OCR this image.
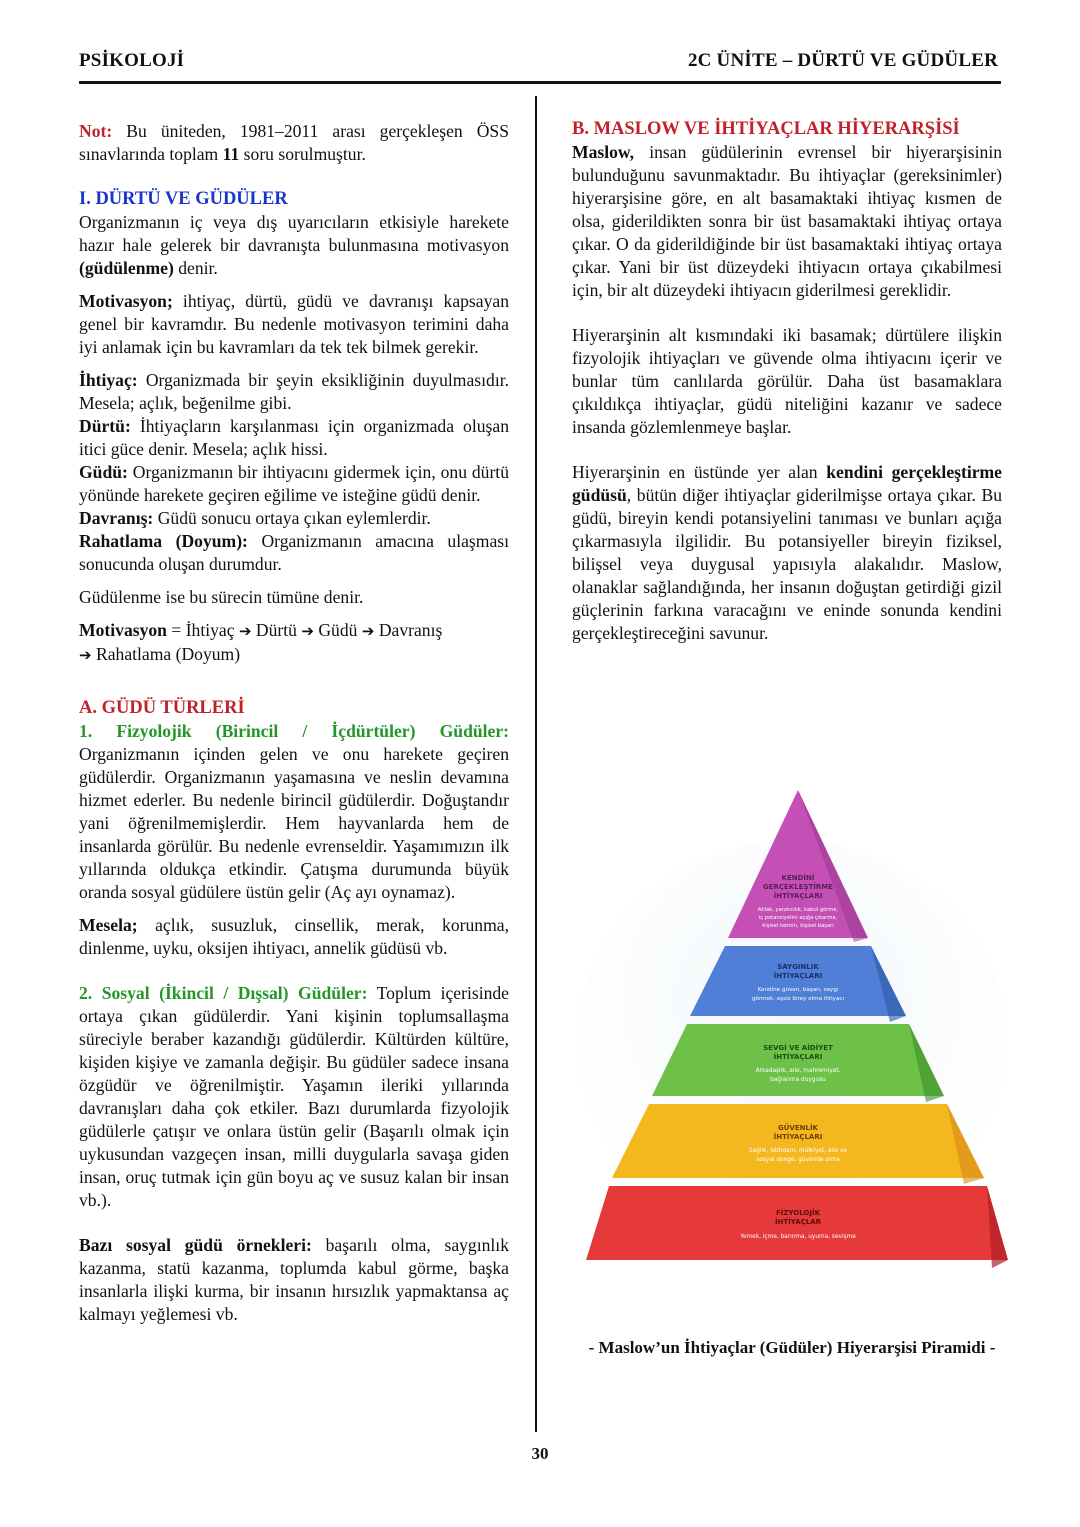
PSİKOLOJİ	2C ÜNİTE – DÜRTÜ VE GÜDÜLER

Not: Bu üniteden, 1981–2011 arası gerçekleşen ÖSS sınavlarında toplam 11 soru sorulmuştur.

I. DÜRTÜ VE GÜDÜLER

Organizmanın iç veya dış uyarıcıların etkisiyle harekete hazır hale gelerek bir davranışta bulunmasına motivasyon (güdülenme) denir.

Motivasyon; ihtiyaç, dürtü, güdü ve davranışı kapsayan genel bir kavramdır. Bu nedenle motivasyon terimini daha iyi anlamak için bu kavramları da tek tek bilmek gerekir.

İhtiyaç: Organizmada bir şeyin eksikliğinin duyulmasıdır. Mesela; açlık, beğenilme gibi.

Dürtü: İhtiyaçların karşılanması için organizmada oluşan itici güce denir. Mesela; açlık hissi.

Güdü: Organizmanın bir ihtiyacını gidermek için, onu dürtü yönünde harekete geçiren eğilime ve isteğine güdü denir.

Davranış: Güdü sonucu ortaya çıkan eylemlerdir.

Rahatlama (Doyum): Organizmanın amacına ulaşması sonucunda oluşan durumdur.

Güdülenme ise bu sürecin tümüne denir.

Motivasyon = İhtiyaç ➔ Dürtü ➔ Güdü ➔ Davranış
➔ Rahatlama (Doyum)

A. GÜDÜ TÜRLERİ

1. Fizyolojik (Birincil / İçdürtüler) Güdüler: Organizmanın içinden gelen ve onu harekete geçiren güdülerdir. Organizmanın yaşamasına ve neslin devamına hizmet ederler. Bu nedenle birincil güdülerdir. Doğuştandır yani öğrenilmemişlerdir. Hem hayvanlarda hem de insanlarda görülür. Bu nedenle evrenseldir. Yaşamımızın ilk yıllarında oldukça etkindir. Çatışma durumunda büyük oranda sosyal güdülere üstün gelir (Aç ayı oynamaz).

Mesela; açlık, susuzluk, cinsellik, merak, korunma, dinlenme, uyku, oksijen ihtiyacı, annelik güdüsü vb.

2. Sosyal (İkincil / Dışsal) Güdüler: Toplum içerisinde ortaya çıkan güdülerdir. Yani kişinin toplumsallaşma süreciyle beraber kazandığı güdülerdir. Kültürden kültüre, kişiden kişiye ve zamanla değişir. Bu güdüler sadece insana özgüdür ve öğrenilmiştir. Yaşamın ileriki yıllarında davranışları daha çok etkiler. Bazı durumlarda fizyolojik güdülerle çatışır ve onlara üstün gelir (Başarılı olmak için uykusundan vazgeçen insan, milli duygularla savaşa giden insan, oruç tutmak için gün boyu aç ve susuz kalan bir insan vb.).

Bazı sosyal güdü örnekleri: başarılı olma, saygınlık kazanma, statü kazanma, toplumda kabul görme, başka insanlarla ilişki kurma, bir insanın hırsızlık yapmaktansa aç kalmayı yeğlemesi vb.

B. MASLOW VE İHTİYAÇLAR HİYERARŞİSİ

Maslow, insan güdülerinin evrensel bir hiyerarşisinin bulunduğunu savunmaktadır. Bu ihtiyaçlar (gereksinimler) hiyerarşisine göre, en alt basamaktaki ihtiyaç kısmen de olsa, giderildikten sonra bir üst basamaktaki ihtiyaç ortaya çıkar. O da giderildiğinde bir üst basamaktaki ihtiyaç ortaya çıkar. Yani bir üst düzeydeki ihtiyacın ortaya çıkabilmesi için, bir alt düzeydeki ihtiyacın giderilmesi gereklidir.

Hiyerarşinin alt kısmındaki iki basamak; dürtülere ilişkin fizyolojik ihtiyaçları ve güvende olma ihtiyacını içerir ve bunlar tüm canlılarda görülür. Daha üst basamaklara çıkıldıkça ihtiyaçlar, güdü niteliğini kazanır ve sadece insanda gözlemlenmeye başlar.

Hiyerarşinin en üstünde yer alan kendini gerçekleştirme güdüsü, bütün diğer ihtiyaçlar giderilmişse ortaya çıkar. Bu güdü, bireyin kendi potansiyelini tanıması ve bunları açığa çıkarmasıyla ilgilidir. Bu potansiyeller bireyin fiziksel, bilişsel veya duygusal yapısıyla alakalıdır. Maslow, olanaklar sağlandığında, her insanın doğuştan getirdiği gizil güçlerinin farkına varacağını ve eninde sonunda kendini gerçekleştireceğini savunur.

KENDİNİ
GERÇEKLEŞTİRME
İHTİYAÇLARI
Ahlak, yaratıcılık, kabul görme,
iç potansiyelini açığa çıkarma,
kişisel tatmin, kişisel başarı
SAYGINLIK
İHTİYAÇLARI
Kendine güven, başarı, saygı
görmek, eşsiz birey olma ihtiyacı
SEVGİ VE AİDİYET
İHTİYAÇLARI
Arkadaşlık, aile, mahremiyet,
bağlanma duygusu
GÜVENLİK
İHTİYAÇLARI
Sağlık, istihdam, mülkiyet, aile ve
sosyal denge, güvende olma
FİZYOLOJİK
İHTİYAÇLAR
Yemek, içme, barınma, uyuma, sevişme
- Maslow’un İhtiyaçlar (Güdüler) Hiyerarşisi Piramidi -
30
